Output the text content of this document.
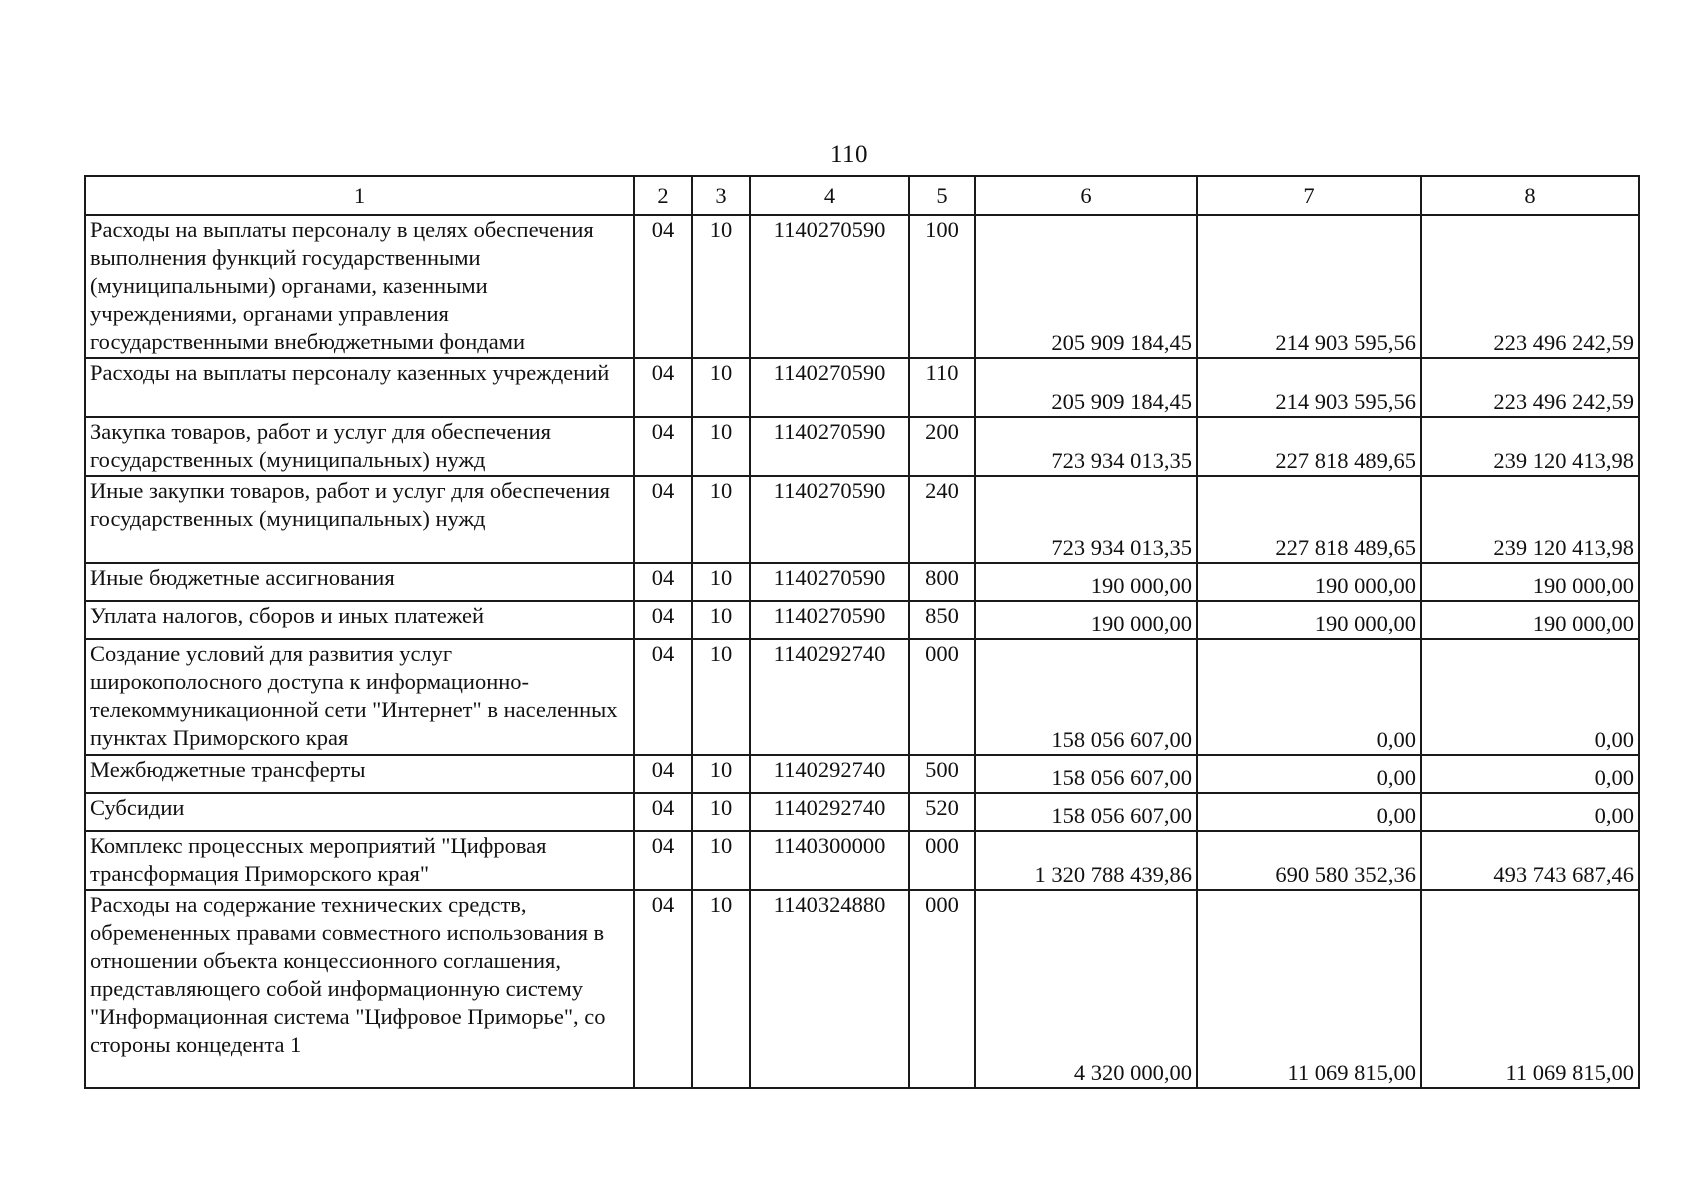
110
1	2	3	4	5	6	7	8
Расходы на выплаты персоналу в целях обеспечения выполнения функций государственными (муниципальными) органами, казенными учреждениями, органами управления государственными внебюджетными фондами	04	10	1140270590	100	205 909 184,45	214 903 595,56	223 496 242,59
Расходы на выплаты персоналу казенных учреждений	04	10	1140270590	110	205 909 184,45	214 903 595,56	223 496 242,59
Закупка товаров, работ и услуг для обеспечения государственных (муниципальных) нужд	04	10	1140270590	200	723 934 013,35	227 818 489,65	239 120 413,98
Иные закупки товаров, работ и услуг для обеспечения государственных (муниципальных) нужд	04	10	1140270590	240	723 934 013,35	227 818 489,65	239 120 413,98
Иные бюджетные ассигнования	04	10	1140270590	800	190 000,00	190 000,00	190 000,00
Уплата налогов, сборов и иных платежей	04	10	1140270590	850	190 000,00	190 000,00	190 000,00
Создание условий для развития услуг широкополосного доступа к информационно-телекоммуникационной сети "Интернет" в населенных пунктах Приморского края	04	10	1140292740	000	158 056 607,00	0,00	0,00
Межбюджетные трансферты	04	10	1140292740	500	158 056 607,00	0,00	0,00
Субсидии	04	10	1140292740	520	158 056 607,00	0,00	0,00
Комплекс процессных мероприятий "Цифровая трансформация Приморского края"	04	10	1140300000	000	1 320 788 439,86	690 580 352,36	493 743 687,46
Расходы на содержание технических средств, обремененных правами совместного использования в отношении объекта концессионного соглашения, представляющего собой информационную систему "Информационная система "Цифровое Приморье", со стороны концедента 1	04	10	1140324880	000	4 320 000,00	11 069 815,00	11 069 815,00
